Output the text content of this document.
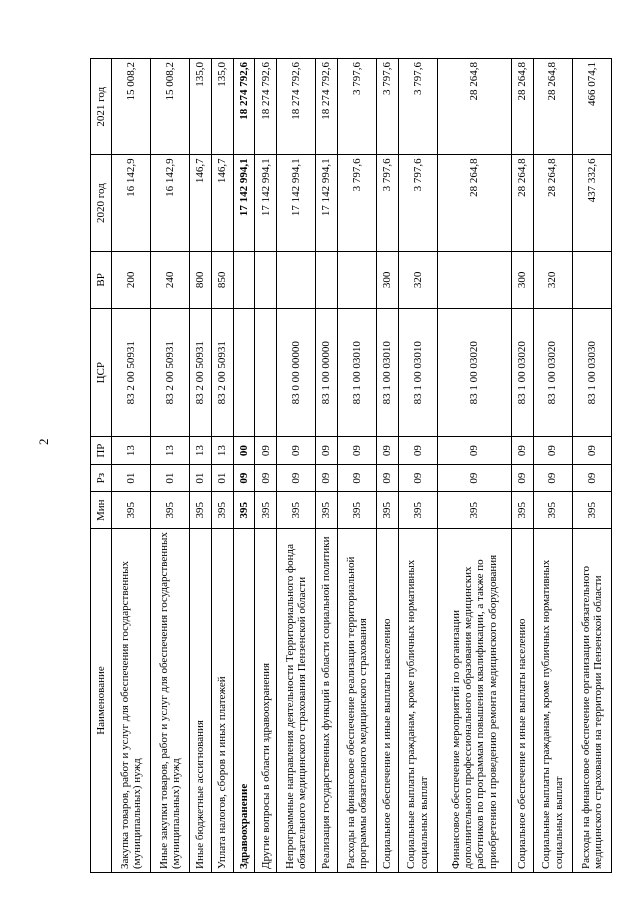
2
Наименование	Мин	Рз	ПР	ЦСР	ВР	2020 год	2021 год
Закупка товаров, работ и услуг для обеспечения государственных (муниципальных) нужд	395	01	13	83 2 00 50931	200	16 142,9	15 008,2
Иные закупки товаров, работ и услуг для обеспечения государственных (муниципальных) нужд	395	01	13	83 2 00 50931	240	16 142,9	15 008,2
Иные бюджетные ассигнования	395	01	13	83 2 00 50931	800	146,7	135,0
Уплата налогов, сборов и иных платежей	395	01	13	83 2 00 50931	850	146,7	135,0
Здравоохранение	395	09	00			17 142 994,1	18 274 792,6
Другие вопросы в области здравоохранения	395	09	09			17 142 994,1	18 274 792,6
Непрограммные направления деятельности Территориального фонда обязательного медицинского страхования Пензенской области	395	09	09	83 0 00 00000		17 142 994,1	18 274 792,6
Реализация государственных функций в области социальной политики	395	09	09	83 1 00 00000		17 142 994,1	18 274 792,6
Расходы на финансовое обеспечение реализации территориальной программы обязательного медицинского страхования	395	09	09	83 1 00 03010		3 797,6	3 797,6
Социальное обеспечение и иные выплаты населению	395	09	09	83 1 00 03010	300	3 797,6	3 797,6
Социальные выплаты гражданам, кроме публичных нормативных социальных выплат	395	09	09	83 1 00 03010	320	3 797,6	3 797,6
Финансовое обеспечение мероприятий по организации дополнительного профессионального образования медицинских работников по программам повышения квалификации, а также по приобретению и проведению ремонта медицинского оборудования	395	09	09	83 1 00 03020		28 264,8	28 264,8
Социальное обеспечение и иные выплаты населению	395	09	09	83 1 00 03020	300	28 264,8	28 264,8
Социальные выплаты гражданам, кроме публичных нормативных социальных выплат	395	09	09	83 1 00 03020	320	28 264,8	28 264,8
Расходы на финансовое обеспечение организации обязательного медицинского страхования на территории Пензенской области	395	09	09	83 1 00 03030		437 332,6	466 074,1
